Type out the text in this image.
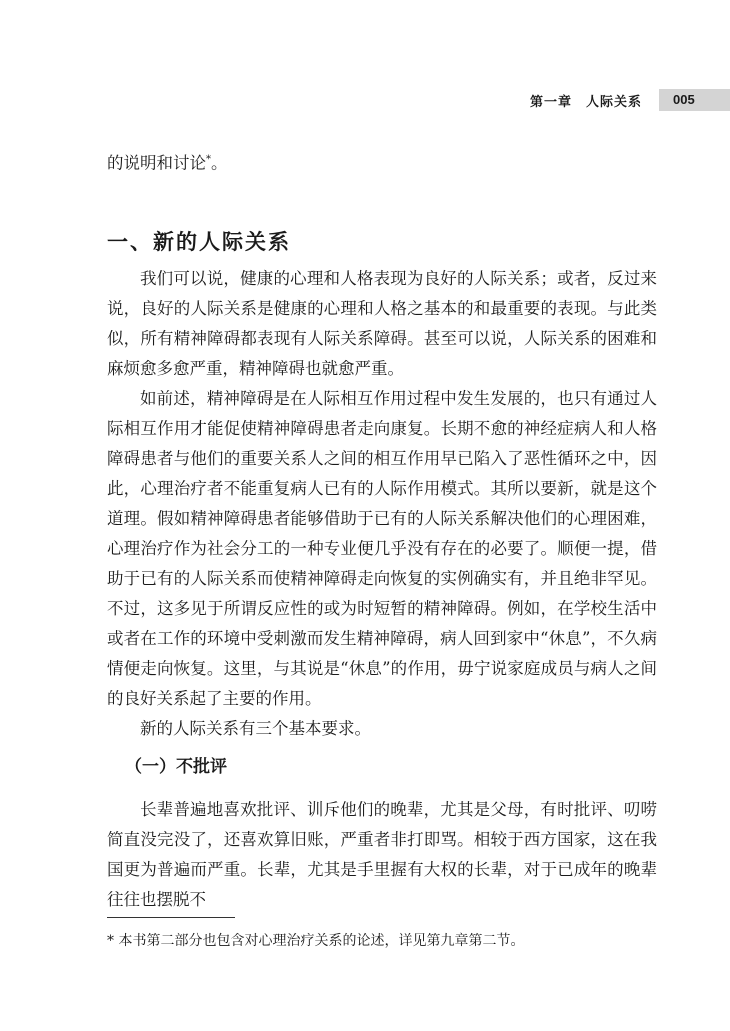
第一章 人际关系 005

的说明和讨论*。

一、新的人际关系

我们可以说，健康的心理和人格表现为良好的人际关系；或者，反过来说，良好的人际关系是健康的心理和人格之基本的和最重要的表现。与此类似，所有精神障碍都表现有人际关系障碍。甚至可以说，人际关系的困难和麻烦愈多愈严重，精神障碍也就愈严重。

如前述，精神障碍是在人际相互作用过程中发生发展的，也只有通过人际相互作用才能促使精神障碍患者走向康复。长期不愈的神经症病人和人格障碍患者与他们的重要关系人之间的相互作用早已陷入了恶性循环之中，因此，心理治疗者不能重复病人已有的人际作用模式。其所以要新，就是这个道理。假如精神障碍患者能够借助于已有的人际关系解决他们的心理困难，心理治疗作为社会分工的一种专业便几乎没有存在的必要了。顺便一提，借助于已有的人际关系而使精神障碍走向恢复的实例确实有，并且绝非罕见。不过，这多见于所谓反应性的或为时短暂的精神障碍。例如，在学校生活中或者在工作的环境中受刺激而发生精神障碍，病人回到家中“休息”，不久病情便走向恢复。这里，与其说是“休息”的作用，毋宁说家庭成员与病人之间的良好关系起了主要的作用。

新的人际关系有三个基本要求。

（一）不批评

长辈普遍地喜欢批评、训斥他们的晚辈，尤其是父母，有时批评、叨唠简直没完没了，还喜欢算旧账，严重者非打即骂。相较于西方国家，这在我国更为普遍而严重。长辈，尤其是手里握有大权的长辈，对于已成年的晚辈往往也摆脱不

* 本书第二部分也包含对心理治疗关系的论述，详见第九章第二节。
